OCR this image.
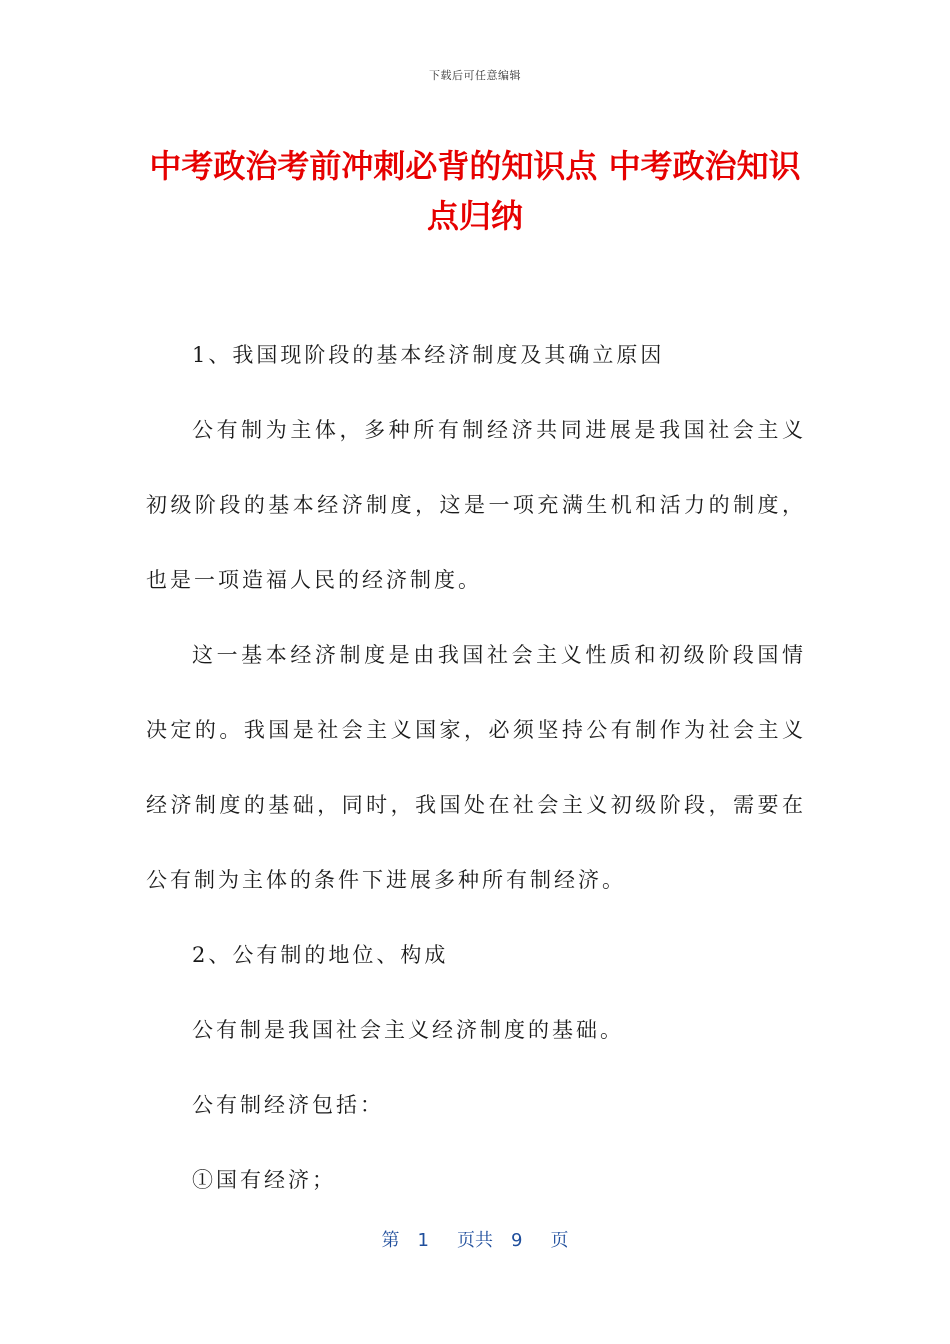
下载后可任意编辑
中考政治考前冲刺必背的知识点 中考政治知识点归纳

1、我国现阶段的基本经济制度及其确立原因

公有制为主体，多种所有制经济共同进展是我国社会主义初级阶段的基本经济制度，这是一项充满生机和活力的制度，也是一项造福人民的经济制度。

这一基本经济制度是由我国社会主义性质和初级阶段国情决定的。我国是社会主义国家，必须坚持公有制作为社会主义经济制度的基础，同时，我国处在社会主义初级阶段，需要在公有制为主体的条件下进展多种所有制经济。

2、公有制的地位、构成

公有制是我国社会主义经济制度的基础。

公有制经济包括：

①国有经济；

第 1 页共 9 页
